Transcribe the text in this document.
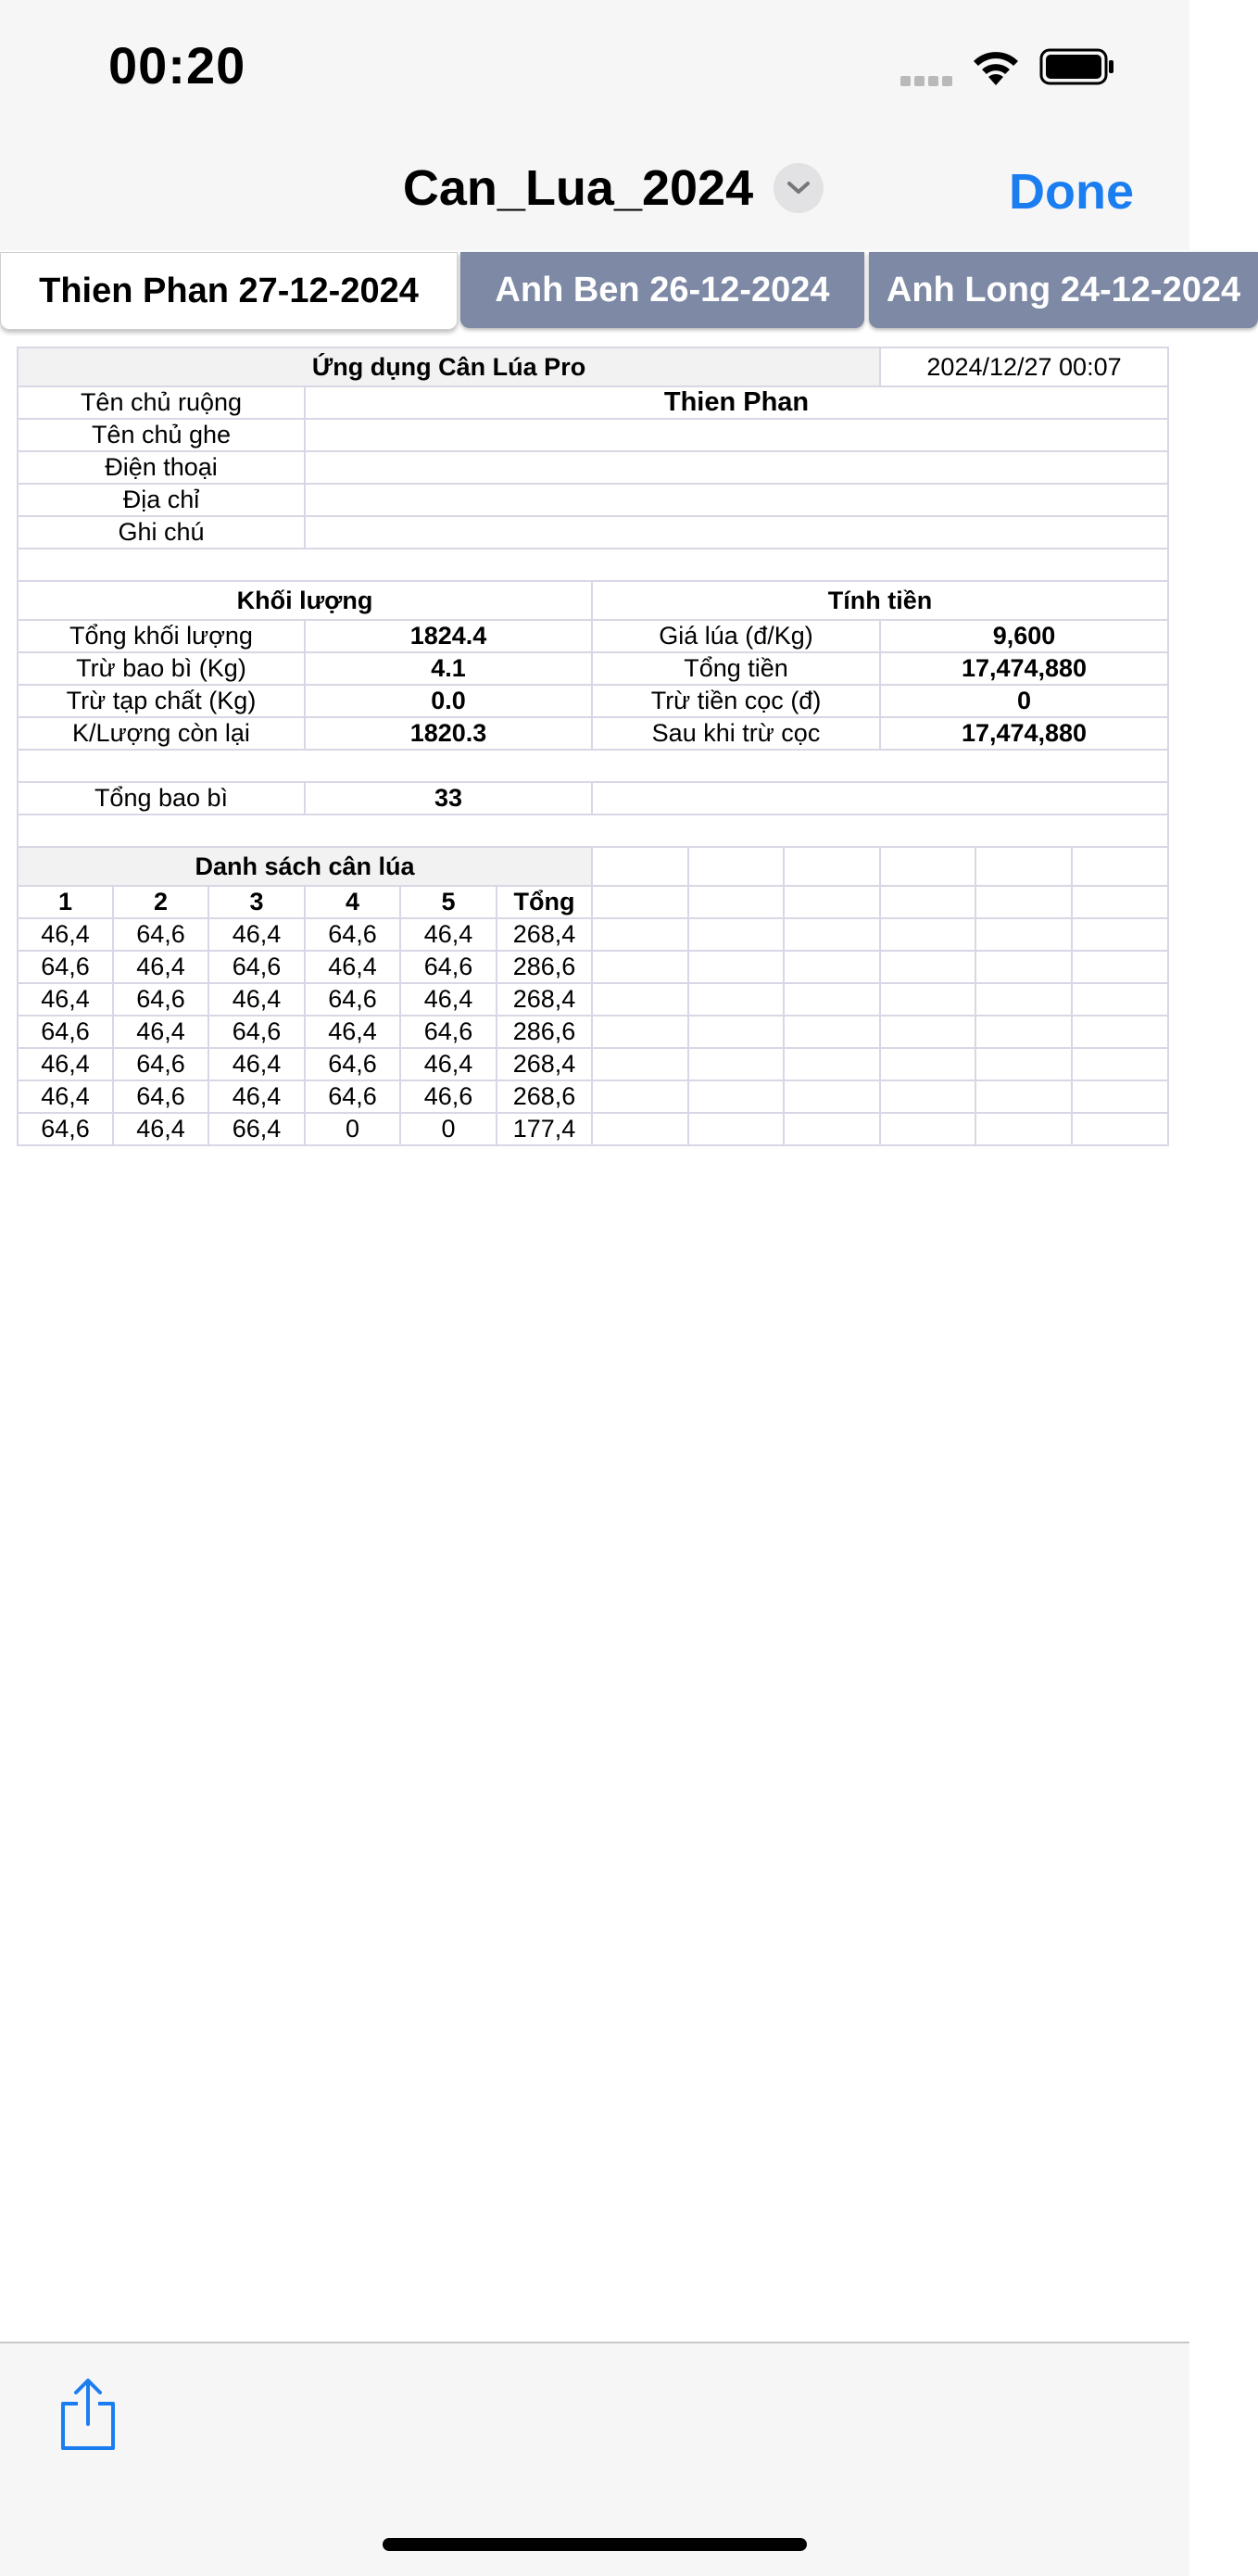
00:20
Can_Lua_2024	Done
Anh Long 24-12-2024
Anh Ben 26-12-2024
Thien Phan 27-12-2024
Ứng dụng Cân Lúa Pro			2024/12/27 00:07
Tên chủ ruộng	Thien Phan		
Tên chủ ghe			
Điện thoại			
Địa chỉ			
Ghi chú			

Khối lượng		Tính tiền	
Tổng khối lượng	1824.4	Giá lúa (đ/Kg)	9,600
Trừ bao bì (Kg)	4.1	Tổng tiền	17,474,880
Trừ tạp chất (Kg)	0.0	Trừ tiền cọc (đ)	0
K/Lượng còn lại	1820.3	Sau khi trừ cọc	17,474,880

Tổng bao bì	33		

Danh sách cân lúa											
1	2	3	4	5	Tổng						
46,4	64,6	46,4	64,6	46,4	268,4						
64,6	46,4	64,6	46,4	64,6	286,6						
46,4	64,6	46,4	64,6	46,4	268,4						
64,6	46,4	64,6	46,4	64,6	286,6						
46,4	64,6	46,4	64,6	46,4	268,4						
46,4	64,6	46,4	64,6	46,6	268,6						
64,6	46,4	66,4	0	0	177,4						
